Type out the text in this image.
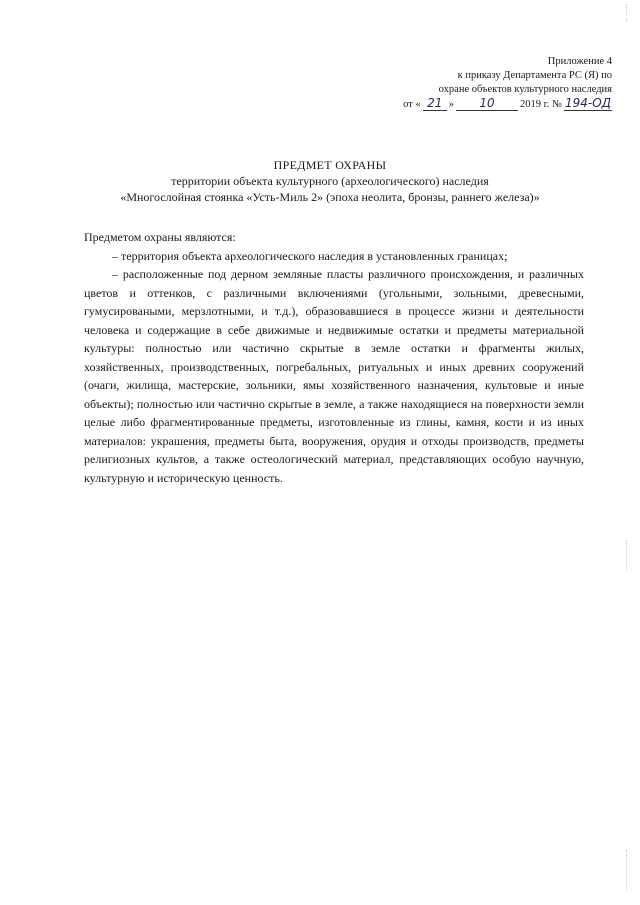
Приложение 4
к приказу Департамента РС (Я) по
охране объектов культурного наследия
от « 21 »	10	2019 г. № 194-ОД
ПРЕДМЕТ ОХРАНЫ
территории объекта культурного (археологического) наследия
«Многослойная стоянка «Усть-Миль 2» (эпоха неолита, бронзы, раннего железа)»

Предметом охраны являются:

– территория объекта археологического наследия в установленных границах;

– расположенные под дерном земляные пласты различного происхождения, и различных цветов и оттенков, с различными включениями (угольными, зольными, древесными, гумусироваными, мерзлотными, и т.д.), образовавшиеся в процессе жизни и деятельности человека и содержащие в себе движимые и недвижимые остатки и предметы материальной культуры: полностью или частично скрытые в земле остатки и фрагменты жилых, хозяйственных, производственных, погребальных, ритуальных и иных древних сооружений (очаги, жилища, мастерские, зольники, ямы хозяйственного назначения, культовые и иные объекты); полностью или частично скрытые в земле, а также находящиеся на поверхности земли целые либо фрагментированные предметы, изготовленные из глины, камня, кости и из иных материалов: украшения, предметы быта, вооружения, орудия и отходы производств, предметы религиозных культов, а также остеологический материал, представляющих особую научную, культурную и историческую ценность.
